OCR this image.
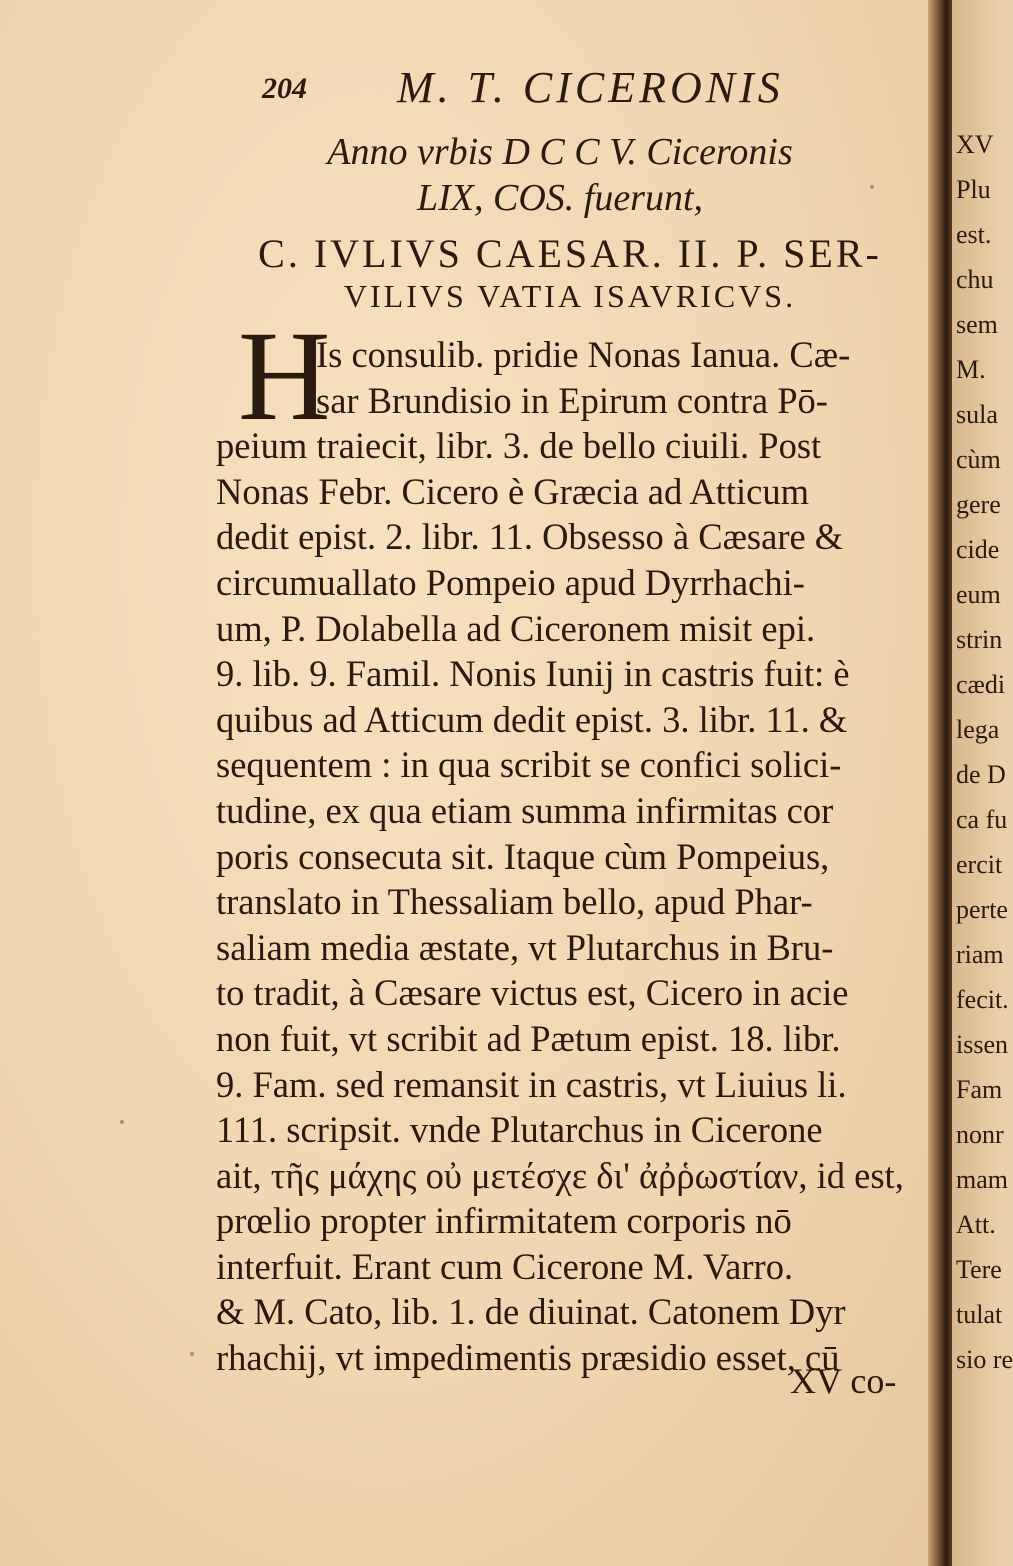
204 M. T. CICERONIS
Anno vrbis D C C V. Ciceronis
LIX, COS. fuerunt,
C. IVLIVS CAESAR. II. P. SER-
VILIVS VATIA ISAVRICVS.
H
Is consulib. pridie Nonas Ianua. Cæ-
sar Brundisio in Epirum contra Pō-
peium traiecit, libr. 3. de bello ciuili. Post
Nonas Febr. Cicero è Græcia ad Atticum
dedit epist. 2. libr. 11. Obsesso à Cæsare &
circumuallato Pompeio apud Dyrrhachi-
um, P. Dolabella ad Ciceronem misit epi.
9. lib. 9. Famil. Nonis Iunij in castris fuit: è
quibus ad Atticum dedit epist. 3. libr. 11. &
sequentem : in qua scribit se confici solici-
tudine, ex qua etiam summa infirmitas cor
poris consecuta sit. Itaque cùm Pompeius,
translato in Thessaliam bello, apud Phar-
saliam media æstate, vt Plutarchus in Bru-
to tradit, à Cæsare victus est, Cicero in acie
non fuit, vt scribit ad Pætum epist. 18. libr.
9. Fam. sed remansit in castris, vt Liuius li.
111. scripsit. vnde Plutarchus in Cicerone
ait, τῆς μάχης οὐ μετέσχε δι' ἀῤῥωστίαν, id est,
prœlio propter infirmitatem corporis nō
interfuit. Erant cum Cicerone M. Varro.
& M. Cato, lib. 1. de diuinat. Catonem Dyr
rhachij, vt impedimentis præsidio esset, cū
XV co-
XV
Plu
est.
chu
sem
M.
sula
cùm
gere
cide
eum
strin
cædi
lega
de D
ca fu
ercit
perte
riam
fecit.
issen
Fam
nonr
mam
Att.
Tere
tulat
sio re
